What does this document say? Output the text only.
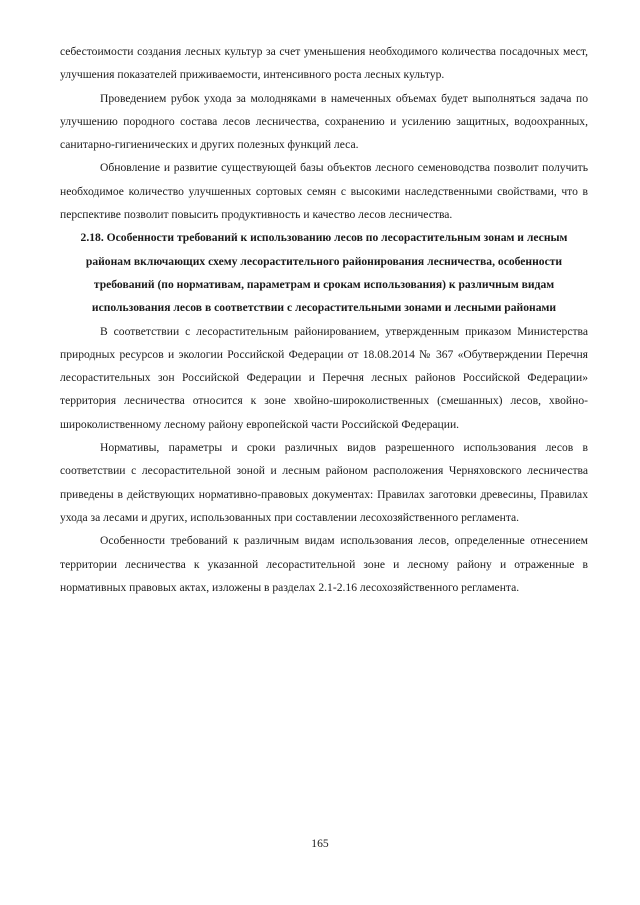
себестоимости создания лесных культур за счет уменьшения необходимого количества посадочных мест, улучшения показателей приживаемости, интенсивного роста лесных культур.

Проведением рубок ухода за молодняками в намеченных объемах будет выполняться задача по улучшению породного состава лесов лесничества, сохранению и усилению защитных, водоохранных, санитарно-гигиенических и других полезных функций леса.

Обновление и развитие существующей базы объектов лесного семеноводства позволит получить необходимое количество улучшенных сортовых семян с высокими наследственными свойствами, что в перспективе позволит повысить продуктивность и качество лесов лесничества.

2.18. Особенности требований к использованию лесов по лесорастительным зонам и лесным районам включающих схему лесорастительного районирования лесничества, особенности требований (по нормативам, параметрам и срокам использования) к различным видам использования лесов в соответствии с лесорастительными зонами и лесными районами

В соответствии с лесорастительным районированием, утвержденным приказом Министерства природных ресурсов и экологии Российской Федерации от 18.08.2014 № 367 «Обутверждении Перечня лесорастительных зон Российской Федерации и Перечня лесных районов Российской Федерации» территория лесничества относится к зоне хвойно-широколиственных (смешанных) лесов, хвойно-широколиственному лесному району европейской части Российской Федерации.

Нормативы, параметры и сроки различных видов разрешенного использования лесов в соответствии с лесорастительной зоной и лесным районом расположения Черняховского лесничества приведены в действующих нормативно-правовых документах: Правилах заготовки древесины, Правилах ухода за лесами и других, использованных при составлении лесохозяйственного регламента.

Особенности требований к различным видам использования лесов, определенные отнесением территории лесничества к указанной лесорастительной зоне и лесному району и отраженные в нормативных правовых актах, изложены в разделах 2.1-2.16 лесохозяйственного регламента.

165
